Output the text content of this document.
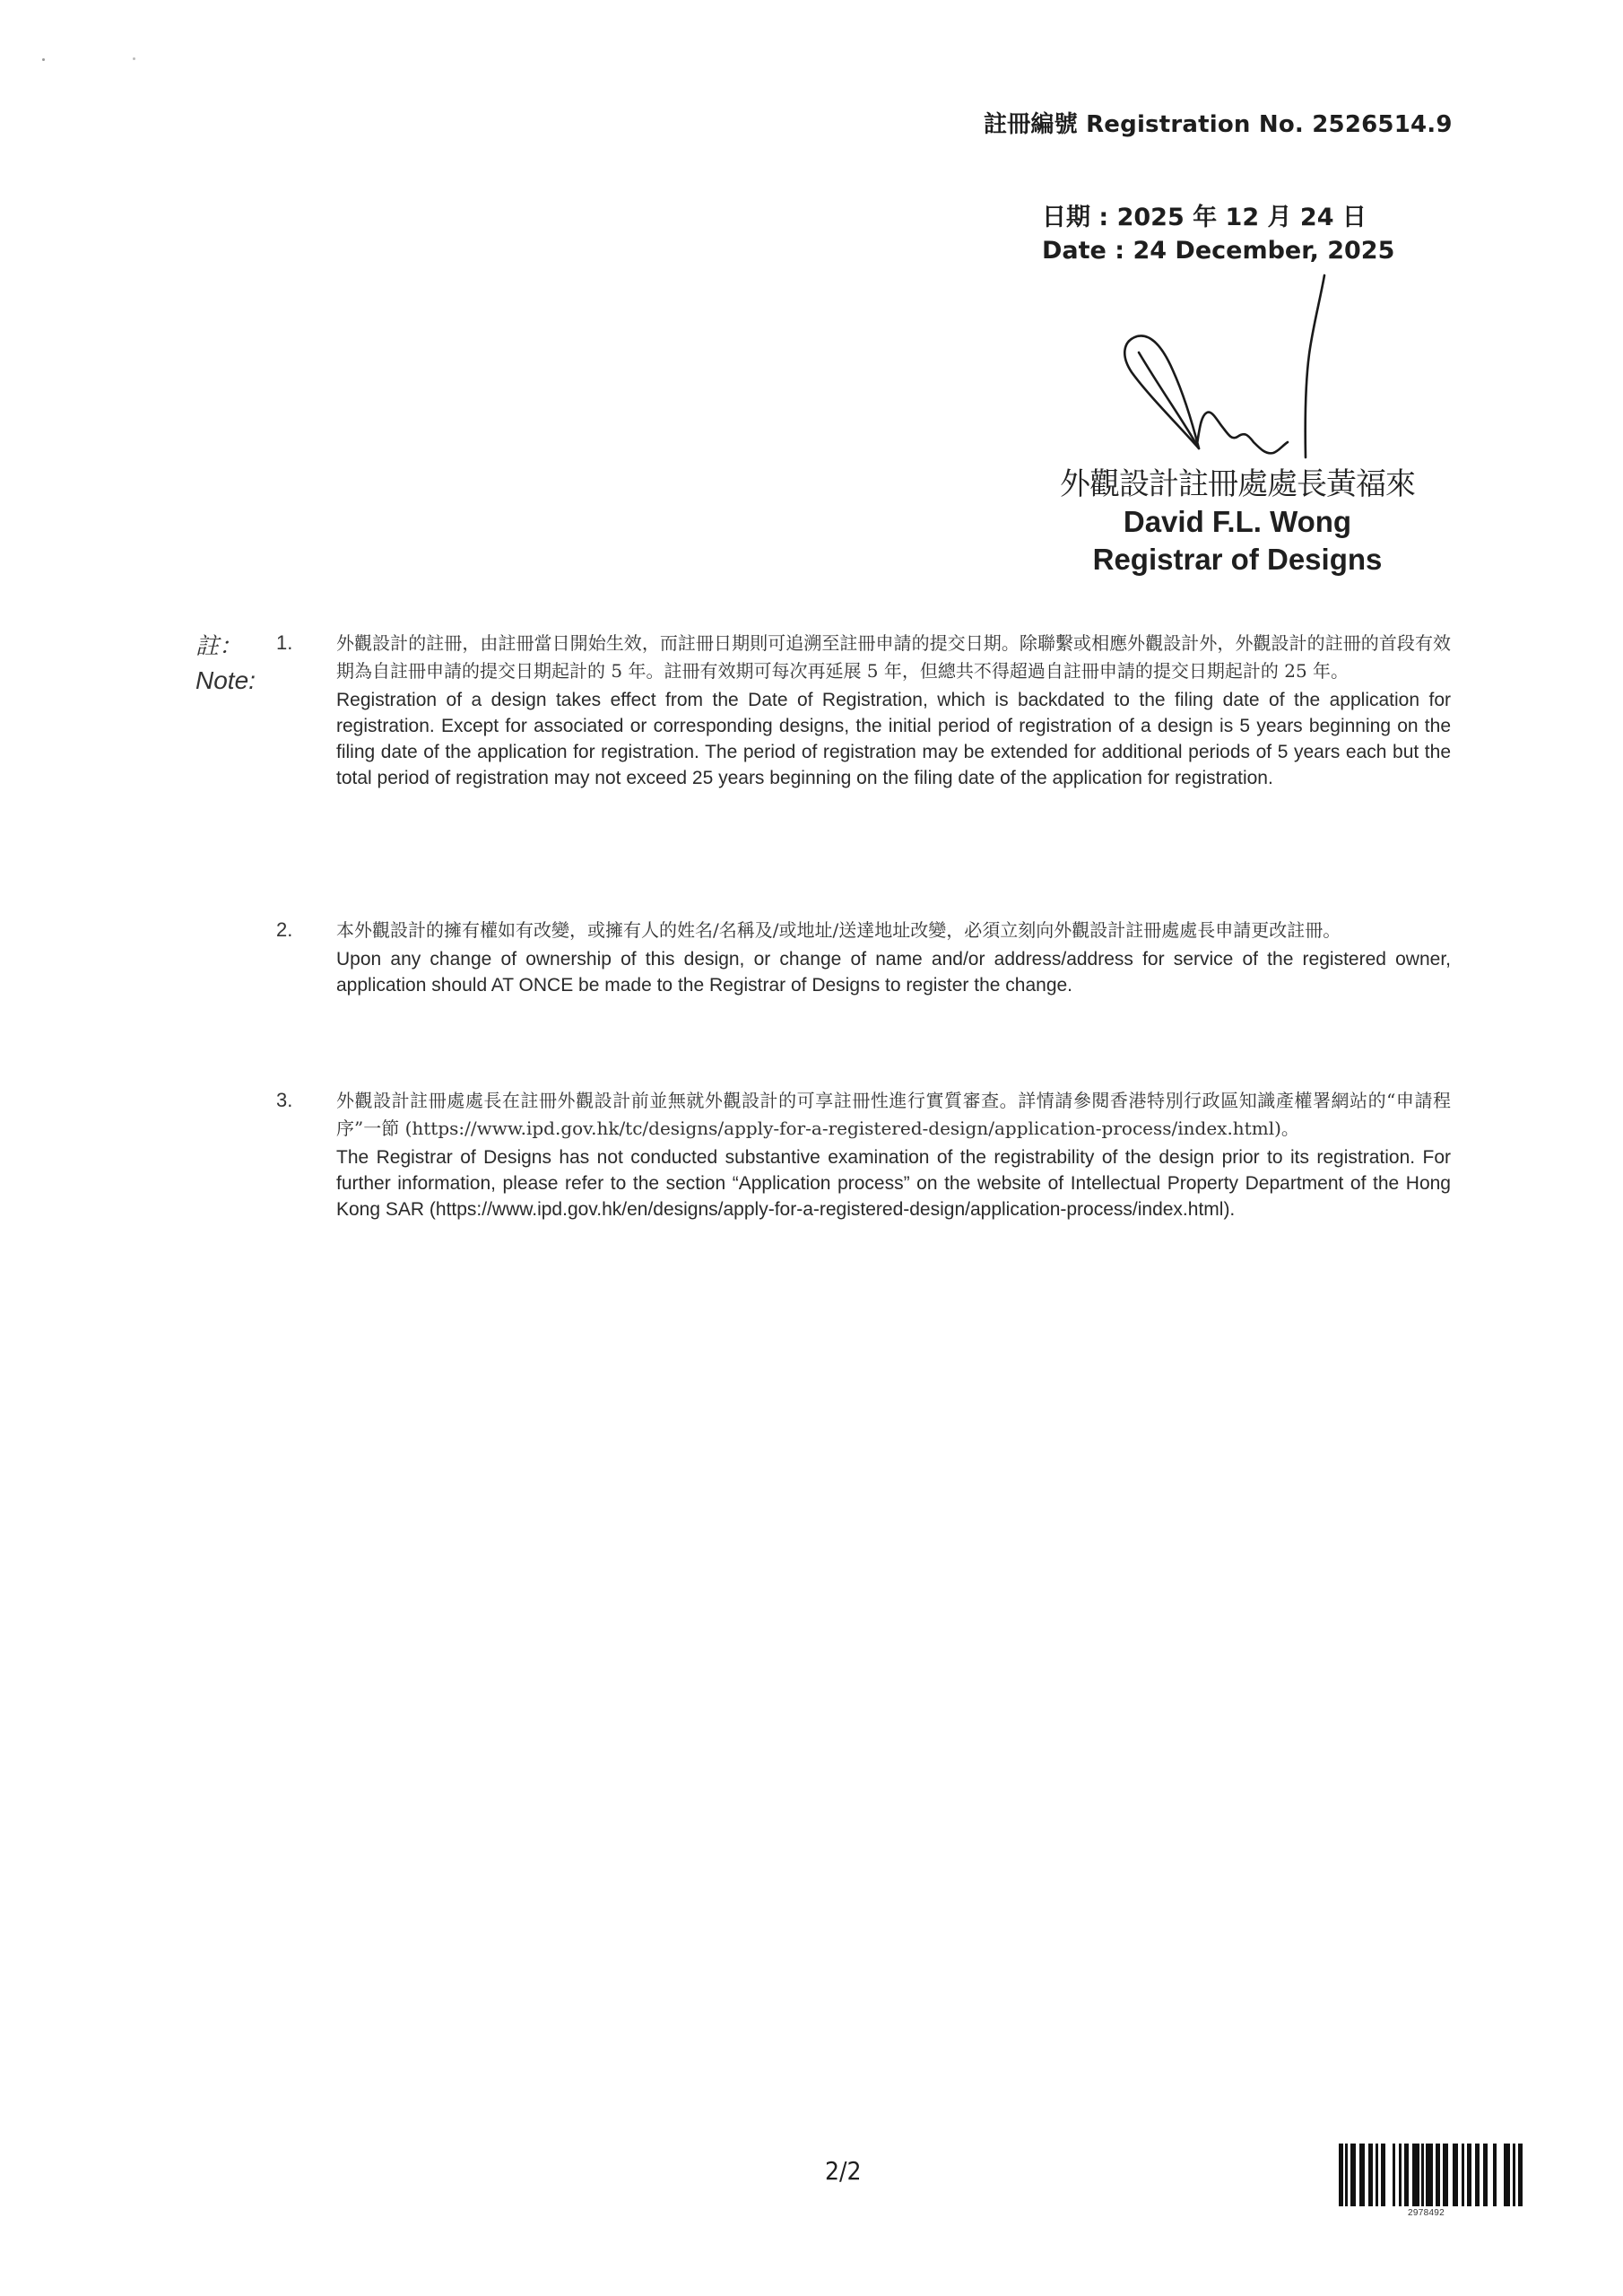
註冊編號 Registration No. 2526514.9
日期 : 2025 年 12 月 24 日
Date : 24 December, 2025
外觀設計註冊處處長黃福來
David F.L. Wong
Registrar of Designs
註：
Note:
1.	外觀設計的註冊，由註冊當日開始生效，而註冊日期則可追溯至註冊申請的提交日期。除聯繫或相應外觀設計外，外觀設計的註冊的首段有效期為自註冊申請的提交日期起計的 5 年。註冊有效期可每次再延展 5 年，但總共不得超過自註冊申請的提交日期起計的 25 年。
Registration of a design takes effect from the Date of Registration, which is backdated to the filing date of the application for registration. Except for associated or corresponding designs, the initial period of registration of a design is 5 years beginning on the filing date of the application for registration. The period of registration may be extended for additional periods of 5 years each but the total period of registration may not exceed 25 years beginning on the filing date of the application for registration.
2.	本外觀設計的擁有權如有改變，或擁有人的姓名/名稱及/或地址/送達地址改變，必須立刻向外觀設計註冊處處長申請更改註冊。
Upon any change of ownership of this design, or change of name and/or address/address for service of the registered owner, application should AT ONCE be made to the Registrar of Designs to register the change.
3.	外觀設計註冊處處長在註冊外觀設計前並無就外觀設計的可享註冊性進行實質審查。詳情請參閱香港特別行政區知識產權署網站的“申請程序”一節 (https://www.ipd.gov.hk/tc/designs/apply-for-a-registered-design/application-process/index.html)。
The Registrar of Designs has not conducted substantive examination of the registrability of the design prior to its registration. For further information, please refer to the section “Application process” on the website of Intellectual Property Department of the Hong Kong SAR (https://www.ipd.gov.hk/en/designs/apply-for-a-registered-design/application-process/index.html).
2/2
2978492
